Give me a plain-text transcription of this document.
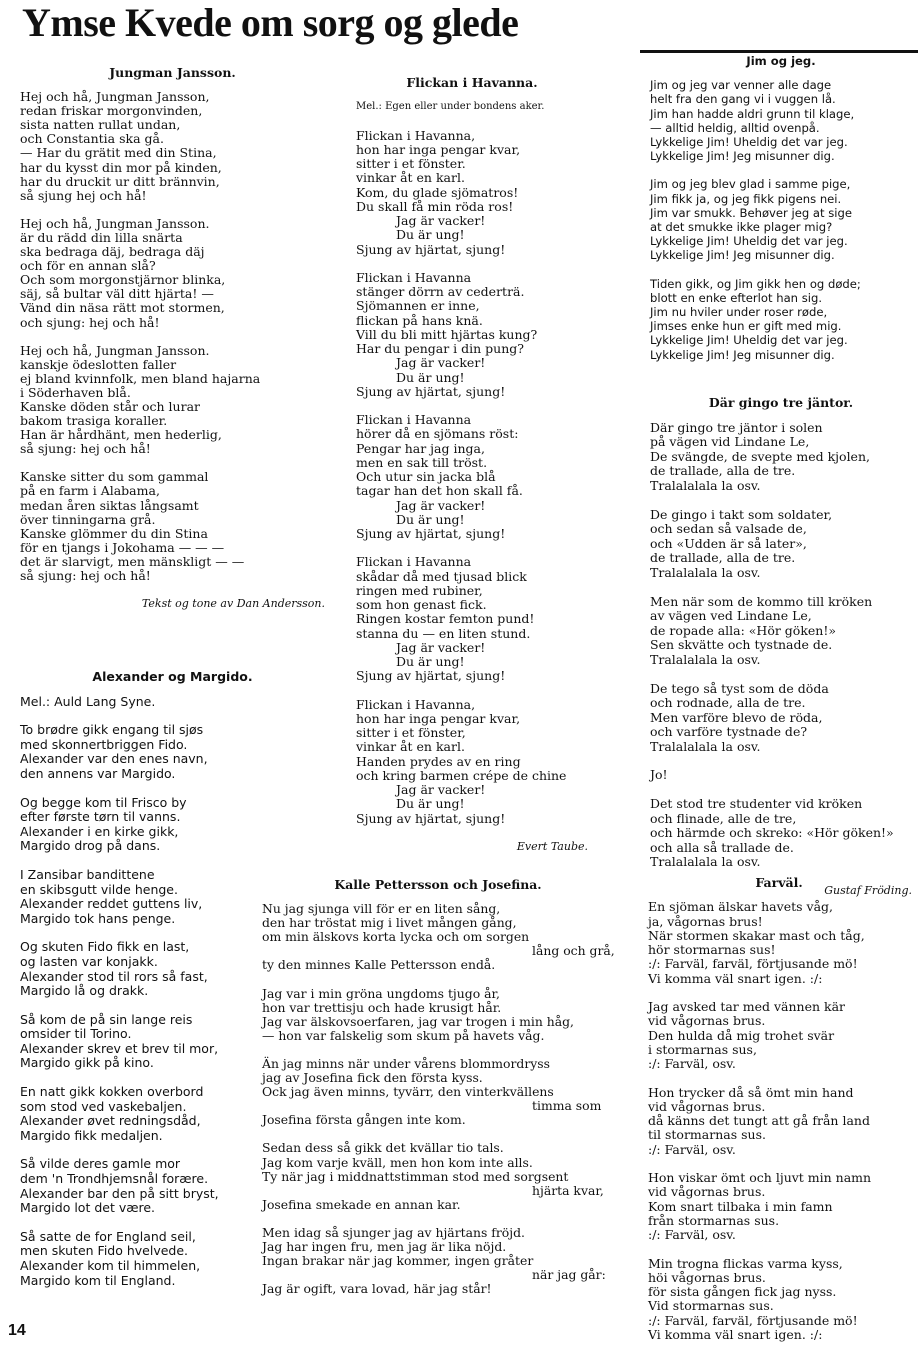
Ymse Kvede om sorg og glede
Jungman Jansson.
Hej och hå, Jungman Jansson,
redan friskar morgonvinden,
sista natten rullat undan,
och Constantia ska gå.
— Har du grätit med din Stina,
har du kysst din mor på kinden,
har du druckit ur ditt brännvin,
så sjung hej och hå!
Hej och hå, Jungman Jansson.
är du rädd din lilla snärta
ska bedraga däj, bedraga däj
och för en annan slå?
Och som morgonstjärnor blinka,
säj, så bultar väl ditt hjärta! —
Vänd din näsa rätt mot stormen,
och sjung: hej och hå!
Hej och hå, Jungman Jansson.
kanskje ödeslotten faller
ej bland kvinnfolk, men bland hajarna
i Söderhaven blå.
Kanske döden står och lurar
bakom trasiga koraller.
Han är hårdhänt, men hederlig,
så sjung: hej och hå!
Kanske sitter du som gammal
på en farm i Alabama,
medan åren siktas långsamt
över tinningarna grå.
Kanske glömmer du din Stina
för en tjangs i Jokohama — — —
det är slarvigt, men mänskligt — —
så sjung: hej och hå!
Tekst og tone av Dan Andersson.
Alexander og Margido.
Mel.: Auld Lang Syne.
To brødre gikk engang til sjøs
med skonnertbriggen Fido.
Alexander var den enes navn,
den annens var Margido.
Og begge kom til Frisco by
efter første tørn til vanns.
Alexander i en kirke gikk,
Margido drog på dans.
I Zansibar bandittene
en skibsgutt vilde henge.
Alexander reddet guttens liv,
Margido tok hans penge.
Og skuten Fido fikk en last,
og lasten var konjakk.
Alexander stod til rors så fast,
Margido lå og drakk.
Så kom de på sin lange reis
omsider til Torino.
Alexander skrev et brev til mor,
Margido gikk på kino.
En natt gikk kokken overbord
som stod ved vaskebaljen.
Alexander øvet redningsdåd,
Margido fikk medaljen.
Så vilde deres gamle mor
dem 'n Trondhjemsnål forære.
Alexander bar den på sitt bryst,
Margido lot det være.
Så satte de for England seil,
men skuten Fido hvelvede.
Alexander kom til himmelen,
Margido kom til England.
Flickan i Havanna.
Mel.: Egen eller under bondens aker.
Flickan i Havanna,
hon har inga pengar kvar,
sitter i et fönster.
vinkar åt en karl.
Kom, du glade sjömatros!
Du skall få min röda ros!
Jag är vacker!
Du är ung!
Sjung av hjärtat, sjung!
Flickan i Havanna
stänger dörrn av cederträ.
Sjömannen er inne,
flickan på hans knä.
Vill du bli mitt hjärtas kung?
Har du pengar i din pung?
Jag är vacker!
Du är ung!
Sjung av hjärtat, sjung!
Flickan i Havanna
hörer då en sjömans röst:
Pengar har jag inga,
men en sak till tröst.
Och utur sin jacka blå
tagar han det hon skall få.
Jag är vacker!
Du är ung!
Sjung av hjärtat, sjung!
Flickan i Havanna
skådar då med tjusad blick
ringen med rubiner,
som hon genast fick.
Ringen kostar femton pund!
stanna du — en liten stund.
Jag är vacker!
Du är ung!
Sjung av hjärtat, sjung!
Flickan i Havanna,
hon har inga pengar kvar,
sitter i et fönster,
vinkar åt en karl.
Handen prydes av en ring
och kring barmen crépe de chine
Jag är vacker!
Du är ung!
Sjung av hjärtat, sjung!
Evert Taube.
Kalle Pettersson och Josefina.
Nu jag sjunga vill för er en liten sång,
den har tröstat mig i livet mången gång,
om min älskovs korta lycka och om sorgen
lång och grå,
ty den minnes Kalle Pettersson endå.
Jag var i min gröna ungdoms tjugo år,
hon var trettisju och hade krusigt hår.
Jag var älskovsoerfaren, jag var trogen i min håg,
— hon var falskelig som skum på havets våg.
Än jag minns när under vårens blommordryss
jag av Josefina fick den första kyss.
Ock jag även minns, tyvärr, den vinterkvällens
timma som
Josefina första gången inte kom.
Sedan dess så gikk det kvällar tio tals.
Jag kom varje kväll, men hon kom inte alls.
Ty när jag i middnattstimman stod med sorgsent
hjärta kvar,
Josefina smekade en annan kar.
Men idag så sjunger jag av hjärtans fröjd.
Jag har ingen fru, men jag är lika nöjd.
Ingan brakar när jag kommer, ingen gråter
när jag går:
Jag är ogift, vara lovad, här jag står!
Jim og jeg.
Jim og jeg var venner alle dage
helt fra den gang vi i vuggen lå.
Jim han hadde aldri grunn til klage,
— alltid heldig, alltid ovenpå.
Lykkelige Jim! Uheldig det var jeg.
Lykkelige Jim! Jeg misunner dig.
Jim og jeg blev glad i samme pige,
Jim fikk ja, og jeg fikk pigens nei.
Jim var smukk. Behøver jeg at sige
at det smukke ikke plager mig?
Lykkelige Jim! Uheldig det var jeg.
Lykkelige Jim! Jeg misunner dig.
Tiden gikk, og Jim gikk hen og døde;
blott en enke efterlot han sig.
Jim nu hviler under roser røde,
Jimses enke hun er gift med mig.
Lykkelige Jim! Uheldig det var jeg.
Lykkelige Jim! Jeg misunner dig.
Där gingo tre jäntor.
Där gingo tre jäntor i solen
på vägen vid Lindane Le,
De svängde, de svepte med kjolen,
de trallade, alla de tre.
Tralalalala la osv.
De gingo i takt som soldater,
och sedan så valsade de,
och «Udden är så later»,
de trallade, alla de tre.
Tralalalala la osv.
Men när som de kommo till kröken
av vägen ved Lindane Le,
de ropade alla: «Hör göken!»
Sen skvätte och tystnade de.
Tralalalala la osv.
De tego så tyst som de döda
och rodnade, alla de tre.
Men varföre blevo de röda,
och varföre tystnade de?
Tralalalala la osv.
Jo!
Det stod tre studenter vid kröken
och flinade, alle de tre,
och härmde och skreko: «Hör göken!»
och alla så trallade de.
Tralalalala la osv.
Gustaf Fröding.
Farväl.
En sjöman älskar havets våg,
ja, vågornas brus!
När stormen skakar mast och tåg,
hör stormarnas sus!
:/: Farväl, farväl, förtjusande mö!
Vi komma väl snart igen. :/:
Jag avsked tar med vännen kär
vid vågornas brus.
Den hulda då mig trohet svär
i stormarnas sus,
:/: Farväl, osv.
Hon trycker då så ömt min hand
vid vågornas brus.
då känns det tungt att gå från land
til stormarnas sus.
:/: Farväl, osv.
Hon viskar ömt och ljuvt min namn
vid vågornas brus.
Kom snart tilbaka i min famn
från stormarnas sus.
:/: Farväl, osv.
Min trogna flickas varma kyss,
höi vågornas brus.
för sista gången fick jag nyss.
Vid stormarnas sus.
:/: Farväl, farväl, förtjusande mö!
Vi komma väl snart igen. :/:
14
